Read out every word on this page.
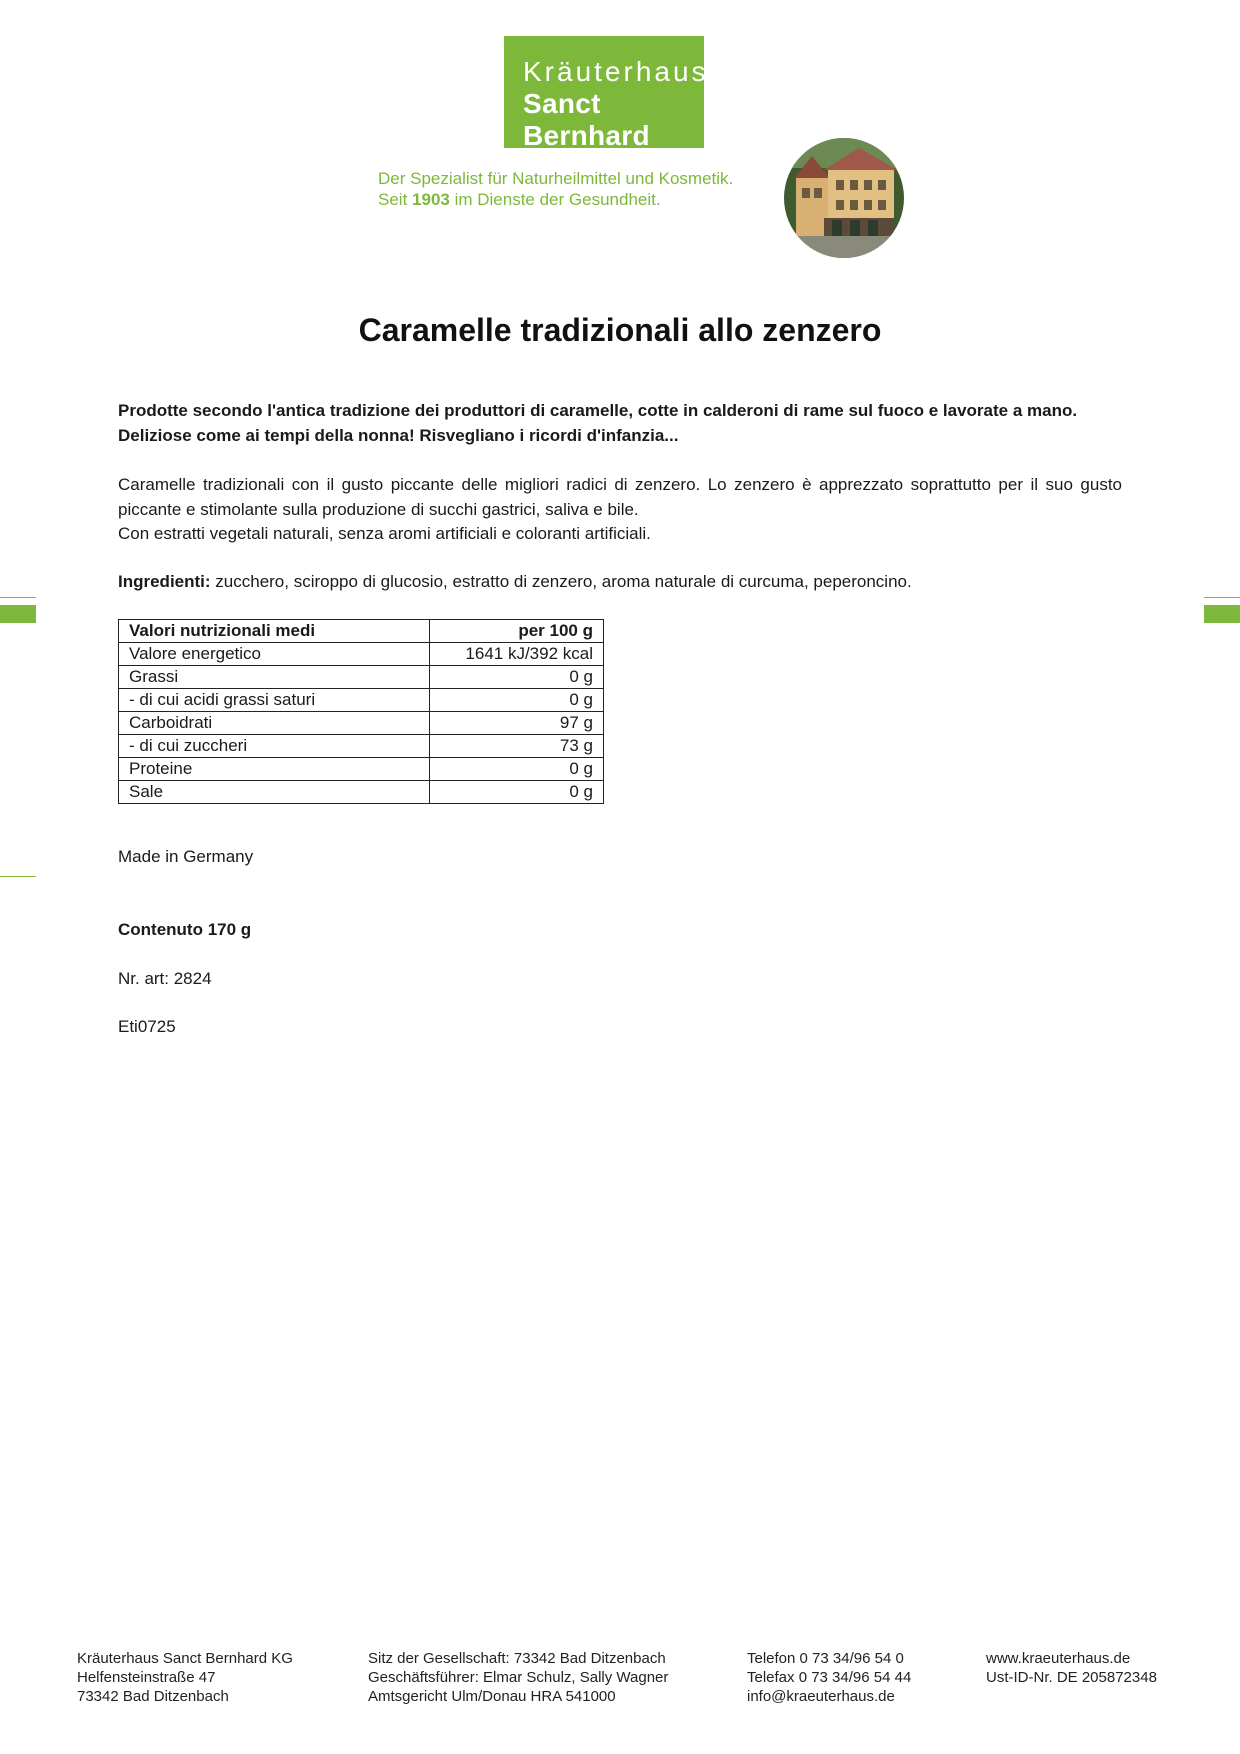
Kräuterhaus
Sanct Bernhard
Der Spezialist für Naturheilmittel und Kosmetik.
Seit 1903 im Dienste der Gesundheit.
Caramelle tradizionali allo zenzero
Prodotte secondo l'antica tradizione dei produttori di caramelle, cotte in calderoni di rame sul fuoco e lavorate a mano. Deliziose come ai tempi della nonna! Risvegliano i ricordi d'infanzia...

Caramelle tradizionali con il gusto piccante delle migliori radici di zenzero. Lo zenzero è apprezzato soprattutto per il suo gusto piccante e stimolante sulla produzione di succhi gastrici, saliva e bile.

Con estratti vegetali naturali, senza aromi artificiali e coloranti artificiali.

Ingredienti: zucchero, sciroppo di glucosio, estratto di zenzero, aroma naturale di curcuma, peperoncino.
Valori nutrizionali medi	per 100 g
Valore energetico	1641 kJ/392 kcal
Grassi	0 g
- di cui acidi grassi saturi	0 g
Carboidrati	97 g
- di cui zuccheri	73 g
Proteine	0 g
Sale	0 g
Made in Germany
Contenuto 170 g
Nr. art: 2824
Eti0725
Kräuterhaus Sanct Bernhard KG
Helfensteinstraße 47
73342 Bad Ditzenbach
Sitz der Gesellschaft: 73342 Bad Ditzenbach
Geschäftsführer: Elmar Schulz, Sally Wagner
Amtsgericht Ulm/Donau HRA 541000
Telefon 0 73 34/96 54 0
Telefax 0 73 34/96 54 44
info@kraeuterhaus.de
www.kraeuterhaus.de
Ust-ID-Nr. DE 205872348
